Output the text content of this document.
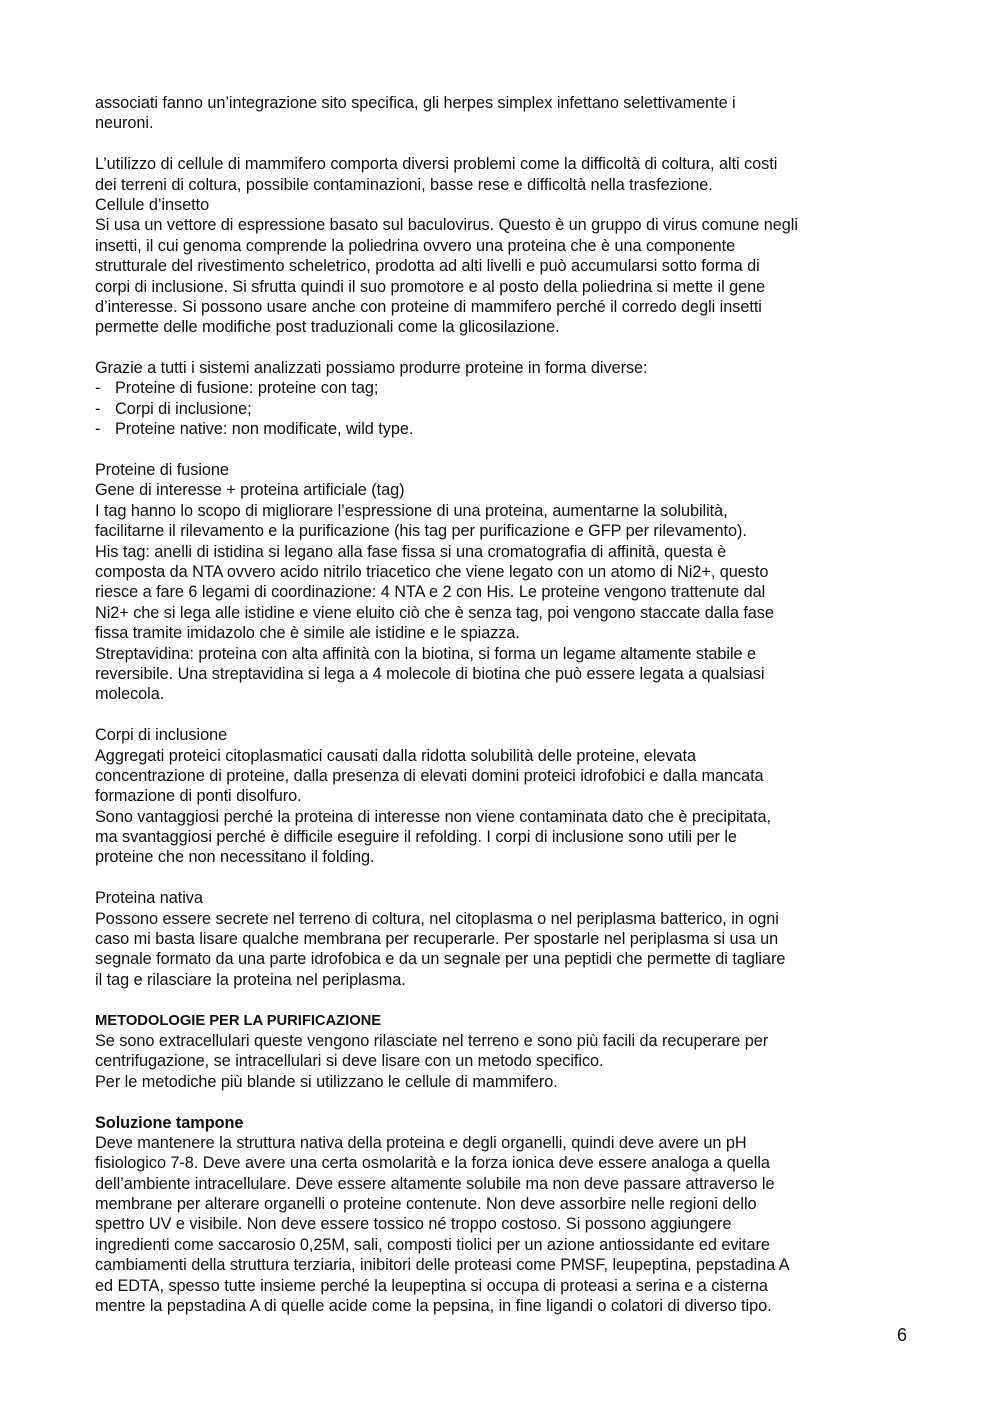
associati fanno un’integrazione sito specifica, gli herpes simplex infettano selettivamente i
neuroni.
L’utilizzo di cellule di mammifero comporta diversi problemi come la difficoltà di coltura, alti costi
dei terreni di coltura, possibile contaminazioni, basse rese e difficoltà nella trasfezione.
Cellule d’insetto
Si usa un vettore di espressione basato sul baculovirus. Questo è un gruppo di virus comune negli
insetti, il cui genoma comprende la poliedrina ovvero una proteina che è una componente
strutturale del rivestimento scheletrico, prodotta ad alti livelli e può accumularsi sotto forma di
corpi di inclusione. Si sfrutta quindi il suo promotore e al posto della poliedrina si mette il gene
d’interesse. Si possono usare anche con proteine di mammifero perché il corredo degli insetti
permette delle modifiche post traduzionali come la glicosilazione.
Grazie a tutti i sistemi analizzati possiamo produrre proteine in forma diverse:
- Proteine di fusione: proteine con tag;
- Corpi di inclusione;
- Proteine native: non modificate, wild type.
Proteine di fusione
Gene di interesse + proteina artificiale (tag)
I tag hanno lo scopo di migliorare l’espressione di una proteina, aumentarne la solubilità,
facilitarne il rilevamento e la purificazione (his tag per purificazione e GFP per rilevamento).
His tag: anelli di istidina si legano alla fase fissa si una cromatografia di affinità, questa è
composta da NTA ovvero acido nitrilo triacetico che viene legato con un atomo di Ni2+, questo
riesce a fare 6 legami di coordinazione: 4 NTA e 2 con His. Le proteine vengono trattenute dal
Ni2+ che si lega alle istidine e viene eluito ciò che è senza tag, poi vengono staccate dalla fase
fissa tramite imidazolo che è simile ale istidine e le spiazza.
Streptavidina: proteina con alta affinità con la biotina, si forma un legame altamente stabile e
reversibile. Una streptavidina si lega a 4 molecole di biotina che può essere legata a qualsiasi
molecola.
Corpi di inclusione
Aggregati proteici citoplasmatici causati dalla ridotta solubilità delle proteine, elevata
concentrazione di proteine, dalla presenza di elevati domini proteici idrofobici e dalla mancata
formazione di ponti disolfuro.
Sono vantaggiosi perché la proteina di interesse non viene contaminata dato che è precipitata,
ma svantaggiosi perché è difficile eseguire il refolding. I corpi di inclusione sono utili per le
proteine che non necessitano il folding.
Proteina nativa
Possono essere secrete nel terreno di coltura, nel citoplasma o nel periplasma batterico, in ogni
caso mi basta lisare qualche membrana per recuperarle. Per spostarle nel periplasma si usa un
segnale formato da una parte idrofobica e da un segnale per una peptidi che permette di tagliare
il tag e rilasciare la proteina nel periplasma.
METODOLOGIE PER LA PURIFICAZIONE
Se sono extracellulari queste vengono rilasciate nel terreno e sono più facili da recuperare per
centrifugazione, se intracellulari si deve lisare con un metodo specifico.
Per le metodiche più blande si utilizzano le cellule di mammifero.
Soluzione tampone
Deve mantenere la struttura nativa della proteina e degli organelli, quindi deve avere un pH
fisiologico 7-8. Deve avere una certa osmolarità e la forza ionica deve essere analoga a quella
dell’ambiente intracellulare. Deve essere altamente solubile ma non deve passare attraverso le
membrane per alterare organelli o proteine contenute. Non deve assorbire nelle regioni dello
spettro UV e visibile. Non deve essere tossico né troppo costoso. Si possono aggiungere
ingredienti come saccarosio 0,25M, sali, composti tiolici per un azione antiossidante ed evitare
cambiamenti della struttura terziaria, inibitori delle proteasi come PMSF, leupeptina, pepstadina A
ed EDTA, spesso tutte insieme perché la leupeptina si occupa di proteasi a serina e a cisterna
mentre la pepstadina A di quelle acide come la pepsina, in fine ligandi o colatori di diverso tipo.
6
